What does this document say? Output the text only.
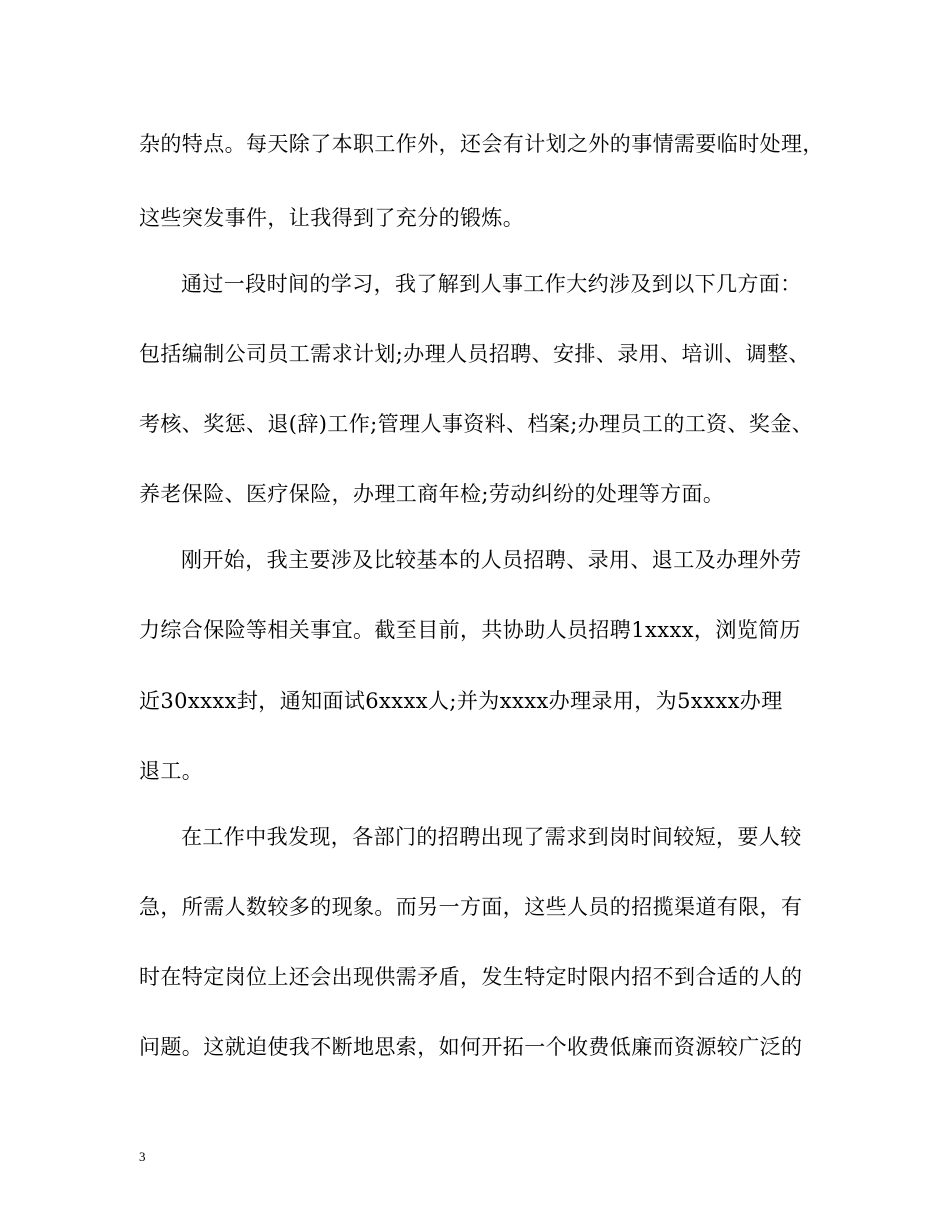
杂的特点。每天除了本职工作外，还会有计划之外的事情需要临时处理，
这些突发事件，让我得到了充分的锻炼。
通过一段时间的学习，我了解到人事工作大约涉及到以下几方面：
包括编制公司员工需求计划;办理人员招聘、安排、录用、培训、调整、
考核、奖惩、退(辞)工作;管理人事资料、档案;办理员工的工资、奖金、
养老保险、医疗保险，办理工商年检;劳动纠纷的处理等方面。
刚开始，我主要涉及比较基本的人员招聘、录用、退工及办理外劳
力综合保险等相关事宜。截至目前，共协助人员招聘1xxxx，浏览简历
近30xxxx封，通知面试6xxxx人;并为xxxx办理录用，为5xxxx办理
退工。
在工作中我发现，各部门的招聘出现了需求到岗时间较短，要人较
急，所需人数较多的现象。而另一方面，这些人员的招揽渠道有限，有
时在特定岗位上还会出现供需矛盾，发生特定时限内招不到合适的人的
问题。这就迫使我不断地思索，如何开拓一个收费低廉而资源较广泛的
3
